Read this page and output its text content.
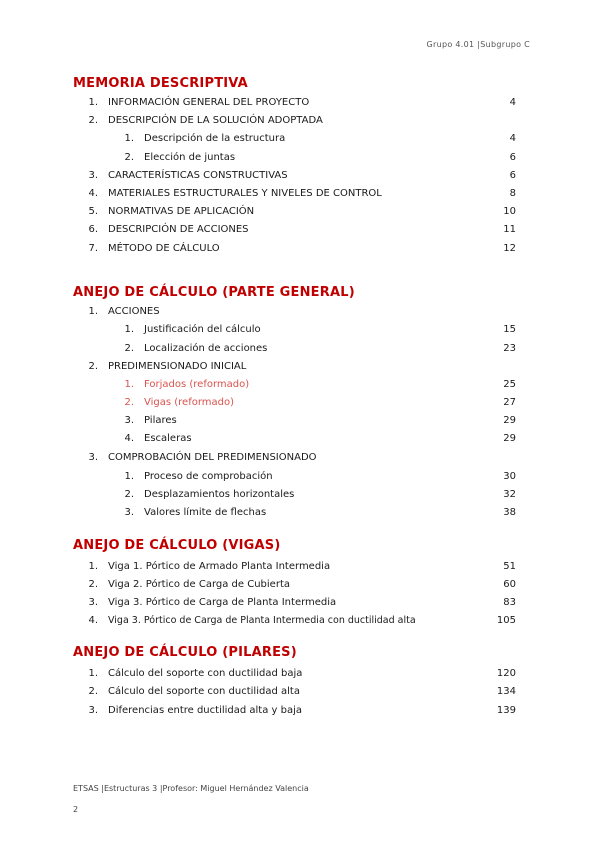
Grupo 4.01 |Subgrupo C
MEMORIA DESCRIPTIVA
1. INFORMACIÓN GENERAL DEL PROYECTO	4
2. DESCRIPCIÓN DE LA SOLUCIÓN ADOPTADA
1. Descripción de la estructura	4
2. Elección de juntas	6
3. CARACTERÍSTICAS CONSTRUCTIVAS	6
4. MATERIALES ESTRUCTURALES Y NIVELES DE CONTROL	8
5. NORMATIVAS DE APLICACIÓN	10
6. DESCRIPCIÓN DE ACCIONES	11
7. MÉTODO DE CÁLCULO	12
ANEJO DE CÁLCULO (PARTE GENERAL)
1. ACCIONES
1. Justificación del cálculo	15
2. Localización de acciones	23
2. PREDIMENSIONADO INICIAL
1. Forjados (reformado)	25
2. Vigas (reformado)	27
3. Pilares	29
4. Escaleras	29
3. COMPROBACIÓN DEL PREDIMENSIONADO
1. Proceso de comprobación	30
2. Desplazamientos horizontales	32
3. Valores límite de flechas	38
ANEJO DE CÁLCULO (VIGAS)
1. Viga 1. Pórtico de Armado Planta Intermedia	51
2. Viga 2. Pórtico de Carga de Cubierta	60
3. Viga 3. Pórtico de Carga de Planta Intermedia	83
4. Viga 3. Pórtico de Carga de Planta Intermedia con ductilidad alta	105
ANEJO DE CÁLCULO (PILARES)
1. Cálculo del soporte con ductilidad baja	120
2. Cálculo del soporte con ductilidad alta	134
3. Diferencias entre ductilidad alta y baja	139
ETSAS |Estructuras 3 |Profesor: Miguel Hernández Valencia
2
